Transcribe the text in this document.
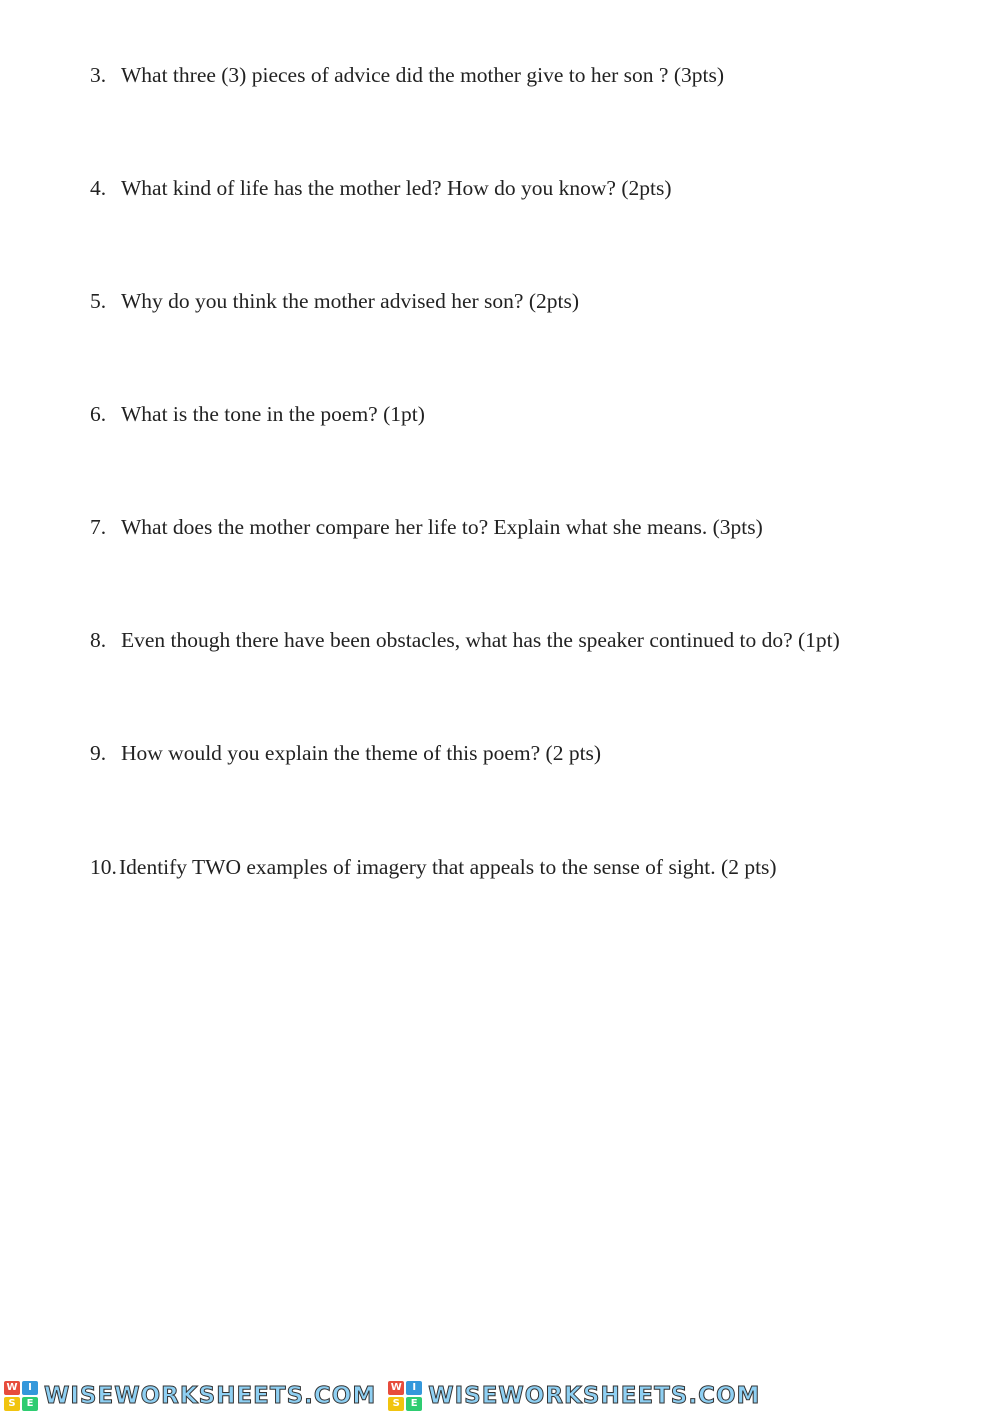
3. What three (3) pieces of advice did the mother give to her son ? (3pts)
4. What kind of life has the mother led? How do you know? (2pts)
5. Why do you think the mother advised her son? (2pts)
6. What is the tone in the poem? (1pt)
7. What does the mother compare her life to? Explain what she means. (3pts)
8. Even though there have been obstacles, what has the speaker continued to do? (1pt)
9. How would you explain the theme of this poem? (2 pts)
10.Identify TWO examples of imagery that appeals to the sense of sight. (2 pts)
W	I
S	E WISEWORKSHEETS.COM W	I
S	E WISEWORKSHEETS.COM
